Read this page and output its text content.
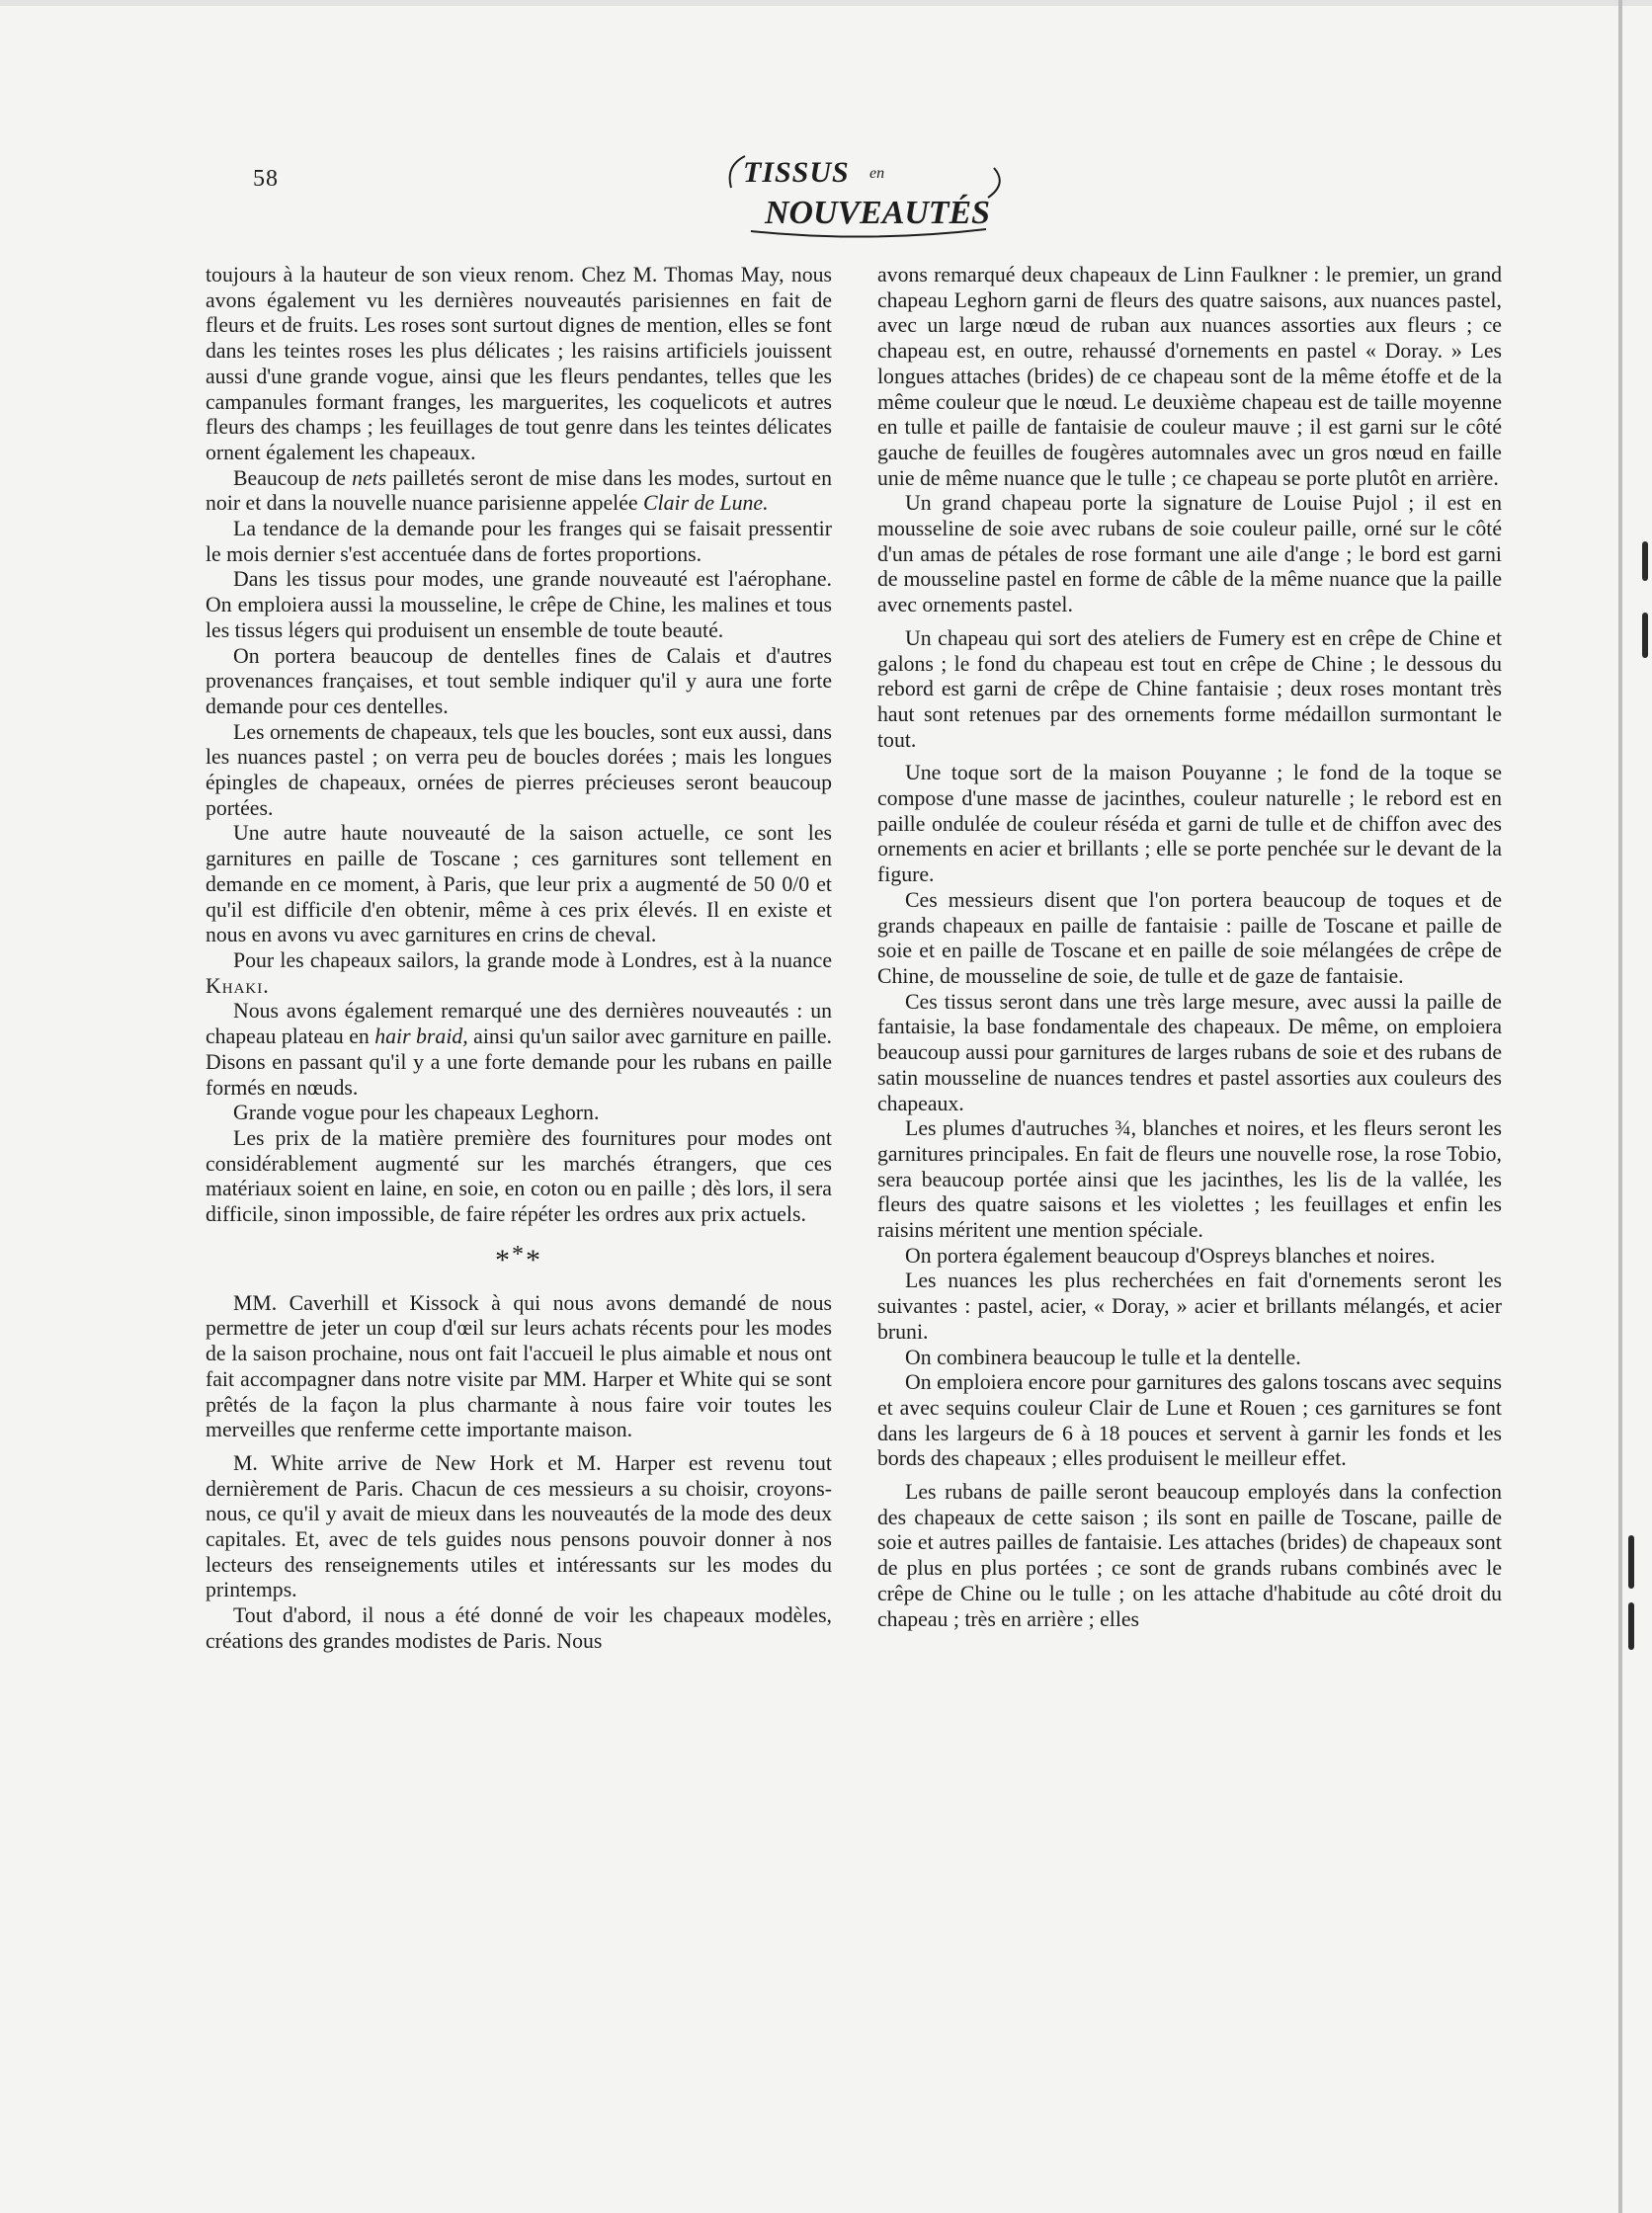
58	TISSUS en
NOUVEAUTÉS

toujours à la hauteur de son vieux renom. Chez M. Thomas May, nous avons également vu les dernières nouveautés parisiennes en fait de fleurs et de fruits. Les roses sont surtout dignes de mention, elles se font dans les teintes roses les plus délicates ; les raisins artificiels jouissent aussi d'une grande vogue, ainsi que les fleurs pendantes, telles que les campanules formant franges, les marguerites, les coquelicots et autres fleurs des champs ; les feuillages de tout genre dans les teintes délicates ornent également les chapeaux.

Beaucoup de nets pailletés seront de mise dans les modes, surtout en noir et dans la nouvelle nuance parisienne appelée Clair de Lune.

La tendance de la demande pour les franges qui se faisait pressentir le mois dernier s'est accentuée dans de fortes proportions.

Dans les tissus pour modes, une grande nouveauté est l'aérophane. On emploiera aussi la mousseline, le crêpe de Chine, les malines et tous les tissus légers qui produisent un ensemble de toute beauté.

On portera beaucoup de dentelles fines de Calais et d'autres provenances françaises, et tout semble indiquer qu'il y aura une forte demande pour ces dentelles.

Les ornements de chapeaux, tels que les boucles, sont eux aussi, dans les nuances pastel ; on verra peu de boucles dorées ; mais les longues épingles de chapeaux, ornées de pierres précieuses seront beaucoup portées.

Une autre haute nouveauté de la saison actuelle, ce sont les garnitures en paille de Toscane ; ces garnitures sont tellement en demande en ce moment, à Paris, que leur prix a augmenté de 50 0/0 et qu'il est difficile d'en obtenir, même à ces prix élevés. Il en existe et nous en avons vu avec garnitures en crins de cheval.

Pour les chapeaux sailors, la grande mode à Londres, est à la nuance Khaki.

Nous avons également remarqué une des dernières nouveautés : un chapeau plateau en hair braid, ainsi qu'un sailor avec garniture en paille. Disons en passant qu'il y a une forte demande pour les rubans en paille formés en nœuds.

Grande vogue pour les chapeaux Leghorn.

Les prix de la matière première des fournitures pour modes ont considérablement augmenté sur les marchés étrangers, que ces matériaux soient en laine, en soie, en coton ou en paille ; dès lors, il sera difficile, sinon impossible, de faire répéter les ordres aux prix actuels.

***

MM. Caverhill et Kissock à qui nous avons demandé de nous permettre de jeter un coup d'œil sur leurs achats récents pour les modes de la saison prochaine, nous ont fait l'accueil le plus aimable et nous ont fait accompagner dans notre visite par MM. Harper et White qui se sont prêtés de la façon la plus charmante à nous faire voir toutes les merveilles que renferme cette importante maison.

M. White arrive de New Hork et M. Harper est revenu tout dernièrement de Paris. Chacun de ces messieurs a su choisir, croyons-nous, ce qu'il y avait de mieux dans les nouveautés de la mode des deux capitales. Et, avec de tels guides nous pensons pouvoir donner à nos lecteurs des renseignements utiles et intéressants sur les modes du printemps.

Tout d'abord, il nous a été donné de voir les chapeaux modèles, créations des grandes modistes de Paris. Nous

avons remarqué deux chapeaux de Linn Faulkner : le premier, un grand chapeau Leghorn garni de fleurs des quatre saisons, aux nuances pastel, avec un large nœud de ruban aux nuances assorties aux fleurs ; ce chapeau est, en outre, rehaussé d'ornements en pastel « Doray. » Les longues attaches (brides) de ce chapeau sont de la même étoffe et de la même couleur que le nœud. Le deuxième chapeau est de taille moyenne en tulle et paille de fantaisie de couleur mauve ; il est garni sur le côté gauche de feuilles de fougères automnales avec un gros nœud en faille unie de même nuance que le tulle ; ce chapeau se porte plutôt en arrière.

Un grand chapeau porte la signature de Louise Pujol ; il est en mousseline de soie avec rubans de soie couleur paille, orné sur le côté d'un amas de pétales de rose formant une aile d'ange ; le bord est garni de mousseline pastel en forme de câble de la même nuance que la paille avec ornements pastel.

Un chapeau qui sort des ateliers de Fumery est en crêpe de Chine et galons ; le fond du chapeau est tout en crêpe de Chine ; le dessous du rebord est garni de crêpe de Chine fantaisie ; deux roses montant très haut sont retenues par des ornements forme médaillon surmontant le tout.

Une toque sort de la maison Pouyanne ; le fond de la toque se compose d'une masse de jacinthes, couleur naturelle ; le rebord est en paille ondulée de couleur réséda et garni de tulle et de chiffon avec des ornements en acier et brillants ; elle se porte penchée sur le devant de la figure.

Ces messieurs disent que l'on portera beaucoup de toques et de grands chapeaux en paille de fantaisie : paille de Toscane et paille de soie et en paille de Toscane et en paille de soie mélangées de crêpe de Chine, de mousseline de soie, de tulle et de gaze de fantaisie.

Ces tissus seront dans une très large mesure, avec aussi la paille de fantaisie, la base fondamentale des chapeaux. De même, on emploiera beaucoup aussi pour garnitures de larges rubans de soie et des rubans de satin mousseline de nuances tendres et pastel assorties aux couleurs des chapeaux.

Les plumes d'autruches ¾, blanches et noires, et les fleurs seront les garnitures principales. En fait de fleurs une nouvelle rose, la rose Tobio, sera beaucoup portée ainsi que les jacinthes, les lis de la vallée, les fleurs des quatre saisons et les violettes ; les feuillages et enfin les raisins méritent une mention spéciale.

On portera également beaucoup d'Ospreys blanches et noires.

Les nuances les plus recherchées en fait d'ornements seront les suivantes : pastel, acier, « Doray, » acier et brillants mélangés, et acier bruni.

On combinera beaucoup le tulle et la dentelle.

On emploiera encore pour garnitures des galons toscans avec sequins et avec sequins couleur Clair de Lune et Rouen ; ces garnitures se font dans les largeurs de 6 à 18 pouces et servent à garnir les fonds et les bords des chapeaux ; elles produisent le meilleur effet.

Les rubans de paille seront beaucoup employés dans la confection des chapeaux de cette saison ; ils sont en paille de Toscane, paille de soie et autres pailles de fantaisie. Les attaches (brides) de chapeaux sont de plus en plus portées ; ce sont de grands rubans combinés avec le crêpe de Chine ou le tulle ; on les attache d'habitude au côté droit du chapeau ; très en arrière ; elles
